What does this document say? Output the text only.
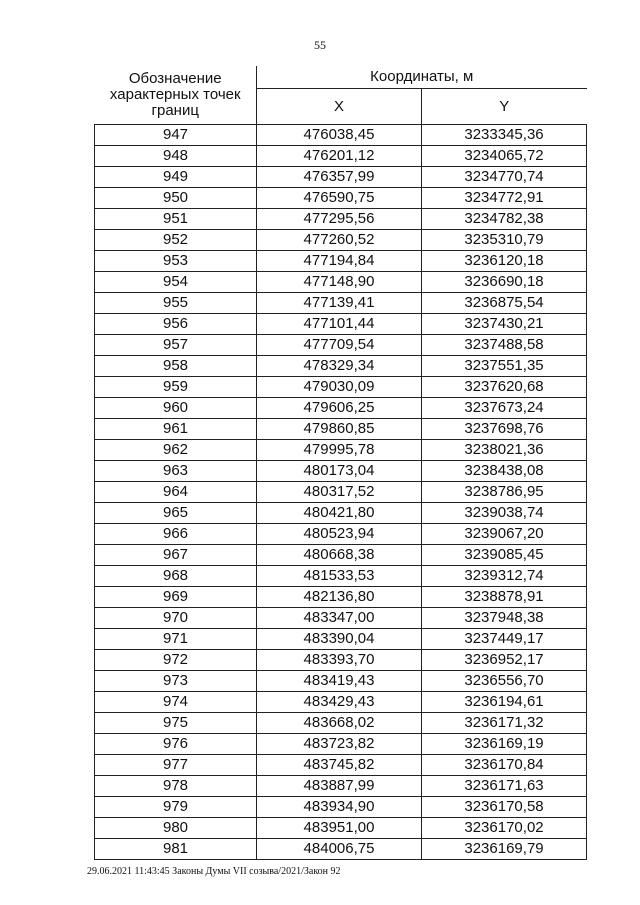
55
Обозначение характерных точек границ	Координаты, м	
	X	Y
947	476038,45	3233345,36
948	476201,12	3234065,72
949	476357,99	3234770,74
950	476590,75	3234772,91
951	477295,56	3234782,38
952	477260,52	3235310,79
953	477194,84	3236120,18
954	477148,90	3236690,18
955	477139,41	3236875,54
956	477101,44	3237430,21
957	477709,54	3237488,58
958	478329,34	3237551,35
959	479030,09	3237620,68
960	479606,25	3237673,24
961	479860,85	3237698,76
962	479995,78	3238021,36
963	480173,04	3238438,08
964	480317,52	3238786,95
965	480421,80	3239038,74
966	480523,94	3239067,20
967	480668,38	3239085,45
968	481533,53	3239312,74
969	482136,80	3238878,91
970	483347,00	3237948,38
971	483390,04	3237449,17
972	483393,70	3236952,17
973	483419,43	3236556,70
974	483429,43	3236194,61
975	483668,02	3236171,32
976	483723,82	3236169,19
977	483745,82	3236170,84
978	483887,99	3236171,63
979	483934,90	3236170,58
980	483951,00	3236170,02
981	484006,75	3236169,79
29.06.2021 11:43:45 Законы Думы VII созыва/2021/Закон 92
